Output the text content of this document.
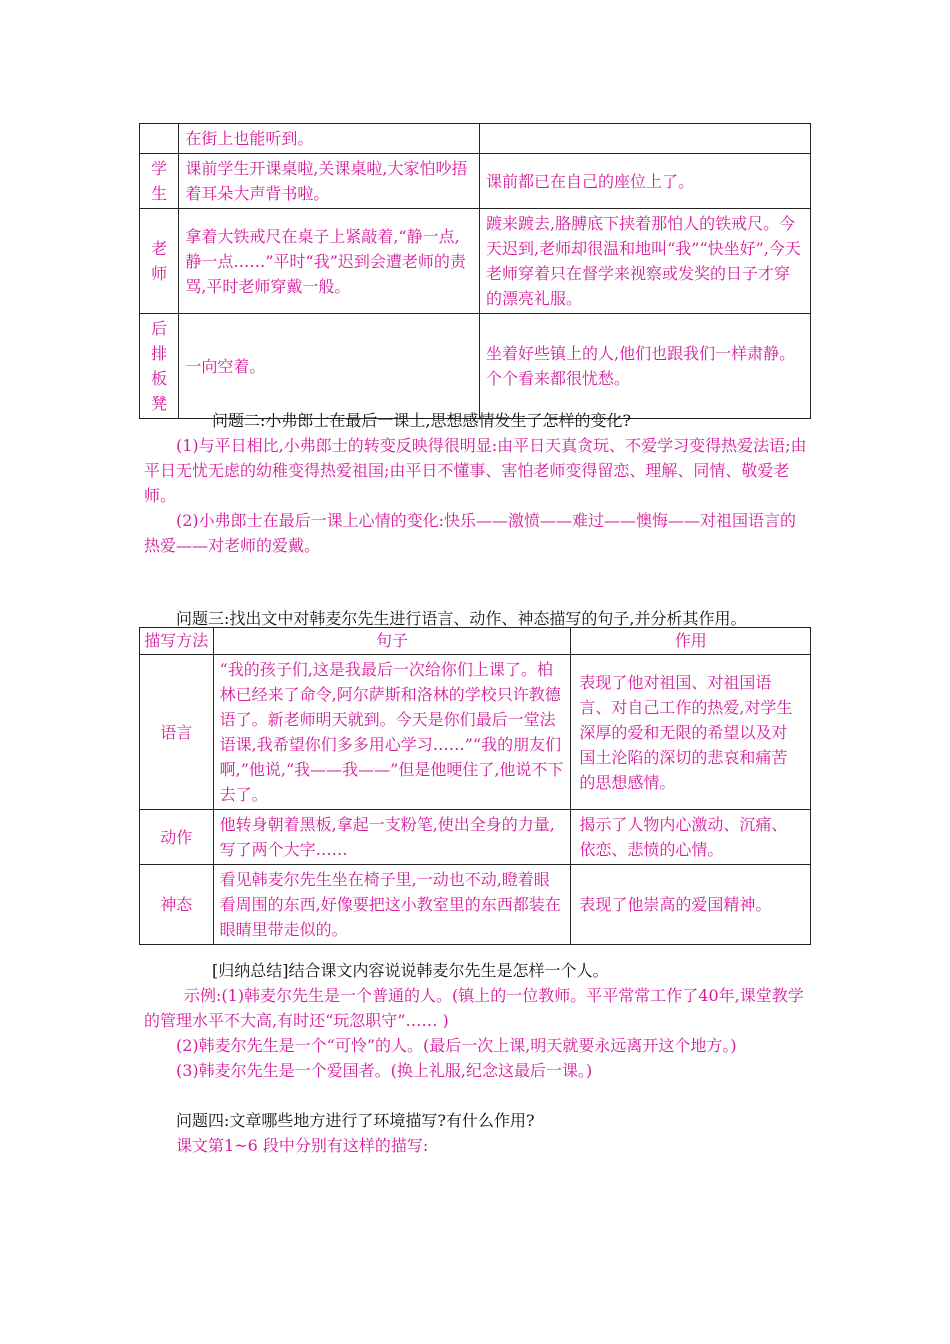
	在街上也能听到。	
学生	课前学生开课桌啦,关课桌啦,大家怕吵捂着耳朵大声背书啦。	课前都已在自己的座位上了。
老师	拿着大铁戒尺在桌子上紧敲着,“静一点,静一点……”平时“我”迟到会遭老师的责骂,平时老师穿戴一般。	踱来踱去,胳膊底下挟着那怕人的铁戒尺。今天迟到,老师却很温和地叫“我”“快坐好”,今天老师穿着只在督学来视察或发奖的日子才穿的漂亮礼服。
后排板凳	一向空着。	坐着好些镇上的人,他们也跟我们一样肃静。个个看来都很忧愁。

问题二:小弗郎士在最后一课上,思想感情发生了怎样的变化?

(1)与平日相比,小弗郎士的转变反映得很明显:由平日天真贪玩、不爱学习变得热爱法语;由平日无忧无虑的幼稚变得热爱祖国;由平日不懂事、害怕老师变得留恋、理解、同情、敬爱老师。

(2)小弗郎士在最后一课上心情的变化:快乐——激愤——难过——懊悔——对祖国语言的热爱——对老师的爱戴。

问题三:找出文中对韩麦尔先生进行语言、动作、神态描写的句子,并分析其作用。

描写方法	句子	作用
语言	“我的孩子们,这是我最后一次给你们上课了。柏林已经来了命令,阿尔萨斯和洛林的学校只许教德语了。新老师明天就到。今天是你们最后一堂法语课,我希望你们多多用心学习……”“我的朋友们啊,”他说,“我——我——”但是他哽住了,他说不下去了。	表现了他对祖国、对祖国语言、对自己工作的热爱,对学生深厚的爱和无限的希望以及对国土沦陷的深切的悲哀和痛苦的思想感情。
动作	他转身朝着黑板,拿起一支粉笔,使出全身的力量,写了两个大字……	揭示了人物内心激动、沉痛、依恋、悲愤的心情。
神态	看见韩麦尔先生坐在椅子里,一动也不动,瞪着眼看周围的东西,好像要把这小教室里的东西都装在眼睛里带走似的。	表现了他崇高的爱国精神。

[归纳总结]结合课文内容说说韩麦尔先生是怎样一个人。

示例:(1)韩麦尔先生是一个普通的人。(镇上的一位教师。平平常常工作了40年,课堂教学的管理水平不大高,有时还“玩忽职守”…… )

(2)韩麦尔先生是一个“可怜”的人。(最后一次上课,明天就要永远离开这个地方。)

(3)韩麦尔先生是一个爱国者。(换上礼服,纪念这最后一课。)

问题四:文章哪些地方进行了环境描写?有什么作用?

课文第1~6 段中分别有这样的描写:
